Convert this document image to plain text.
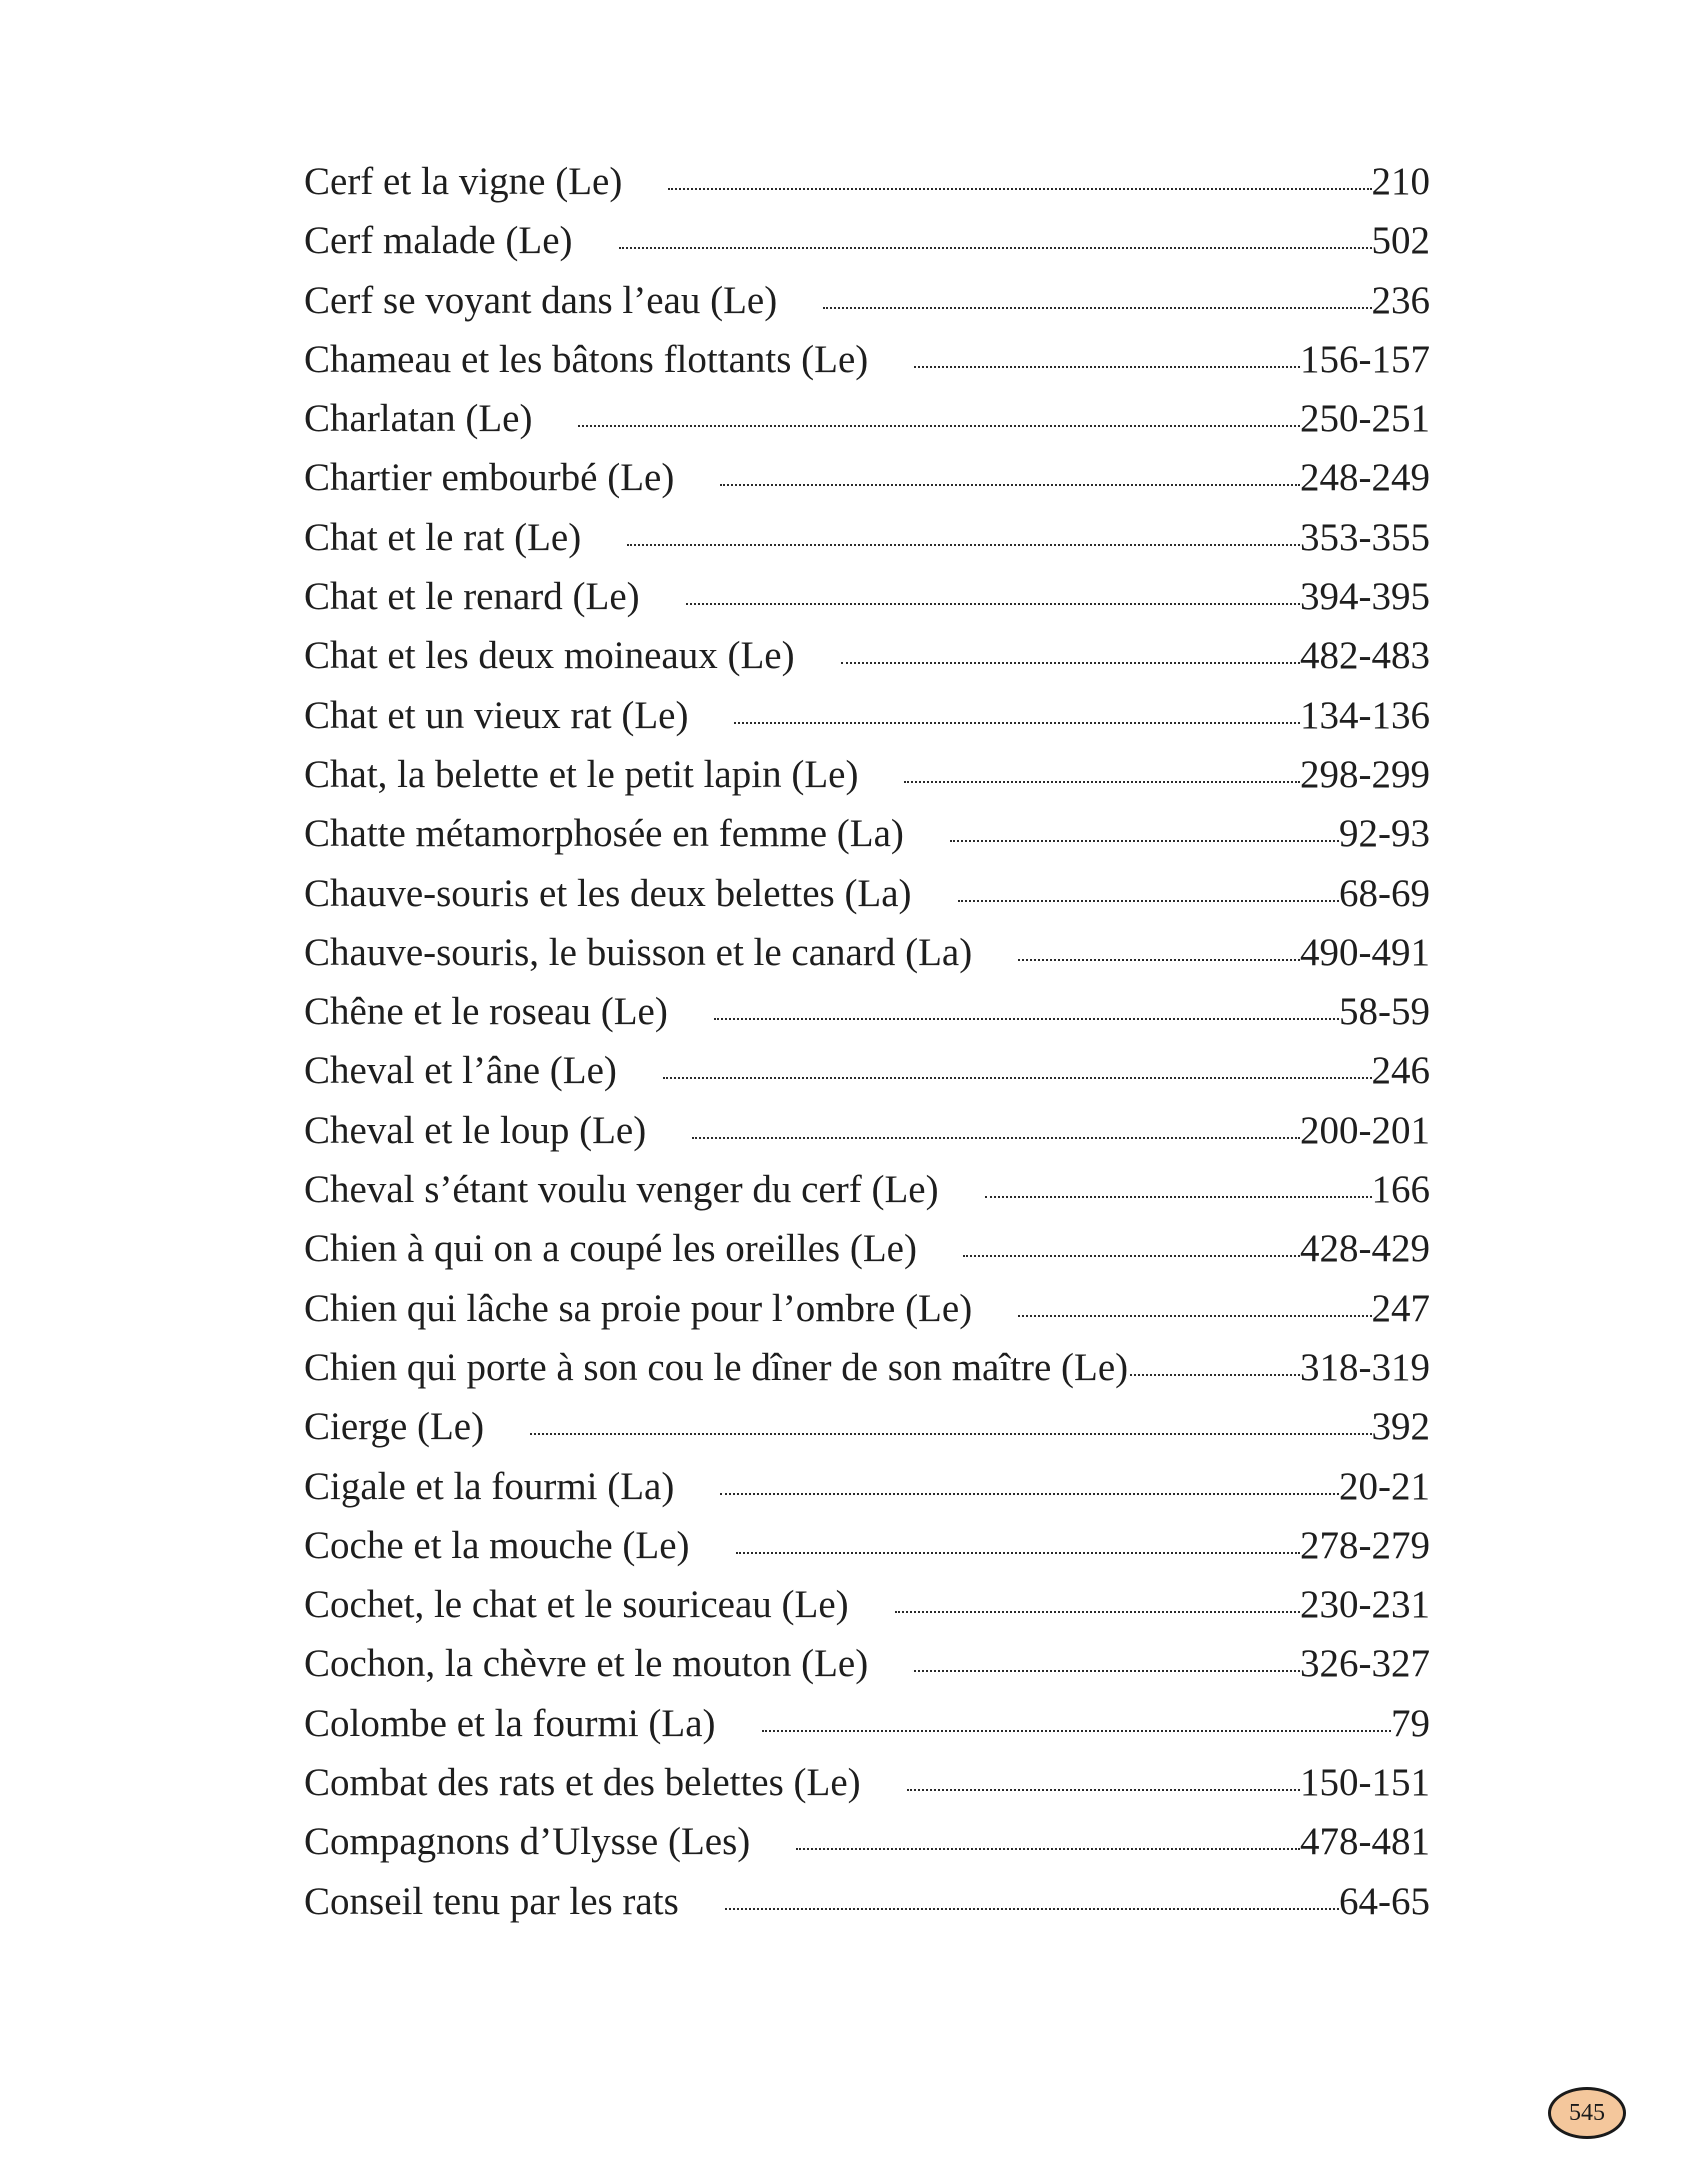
Cerf et la vigne (Le)	210
Cerf malade (Le)	502
Cerf se voyant dans l’eau (Le)	236
Chameau et les bâtons flottants (Le)	156-157
Charlatan (Le)	250-251
Chartier embourbé (Le)	248-249
Chat et le rat (Le)	353-355
Chat et le renard (Le)	394-395
Chat et les deux moineaux (Le)	482-483
Chat et un vieux rat (Le)	134-136
Chat, la belette et le petit lapin (Le)	298-299
Chatte métamorphosée en femme (La)	92-93
Chauve-souris et les deux belettes (La)	68-69
Chauve-souris, le buisson et le canard (La)	490-491
Chêne et le roseau (Le)	58-59
Cheval et l’âne (Le)	246
Cheval et le loup (Le)	200-201
Cheval s’étant voulu venger du cerf (Le)	166
Chien à qui on a coupé les oreilles (Le)	428-429
Chien qui lâche sa proie pour l’ombre (Le)	247
Chien qui porte à son cou le dîner de son maître (Le)	318-319
Cierge (Le)	392
Cigale et la fourmi (La)	20-21
Coche et la mouche (Le)	278-279
Cochet, le chat et le souriceau (Le)	230-231
Cochon, la chèvre et le mouton (Le)	326-327
Colombe et la fourmi (La)	79
Combat des rats et des belettes (Le)	150-151
Compagnons d’Ulysse (Les)	478-481
Conseil tenu par les rats	64-65
545
